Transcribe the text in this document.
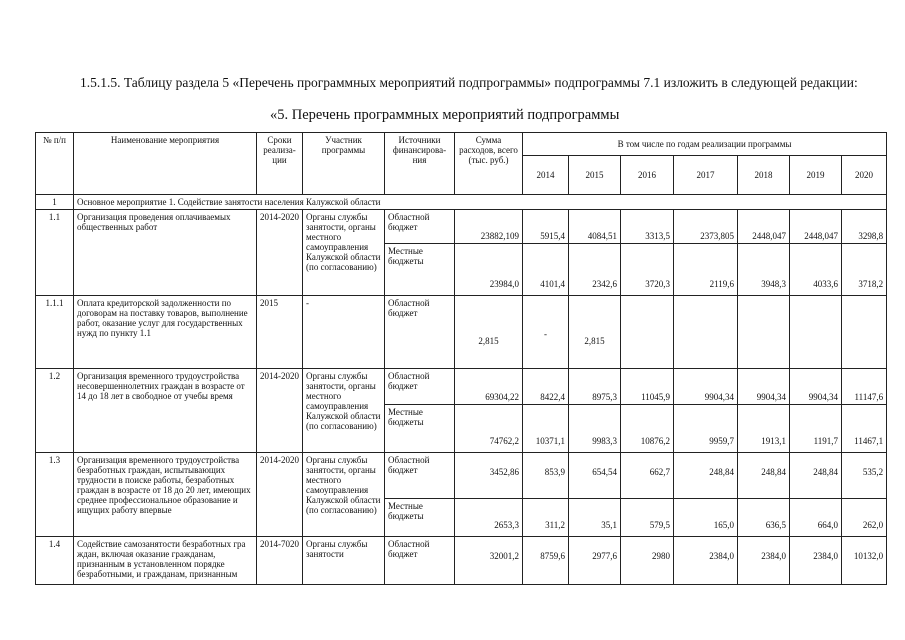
1.5.1.5. Таблицу раздела 5 «Перечень программных мероприятий подпрограммы» подпрограммы 7.1 изложить в следующей редакции:
«5. Перечень программных мероприятий подпрограммы
№ п/п	Наименование мероприятия	Сроки реализа-ции	Участник программы	Источники финансирова-ния	Сумма расходов, всего (тыс. руб.)	В том числе по годам реализации программы						
						2014	2015	2016	2017	2018	2019	2020
1	Основное мероприятие 1. Содействие занятости населения Калужской области											
1.1	Организация проведения оплачиваемых общественных работ	2014-2020	Органы службы занятости, органы местного самоуправления Калужской области (по согласованию)	Областной бюджет	23882,109	5915,4	4084,51	3313,5	2373,805	2448,047	2448,047	3298,8
				Местные бюджеты	23984,0	4101,4	2342,6	3720,3	2119,6	3948,3	4033,6	3718,2
1.1.1	Оплата кредиторской задолженности по договорам на поставку товаров, выполнение работ, оказание услуг для государственных нужд по пункту 1.1	2015	-	Областной бюджет	2,815	-	2,815					
1.2	Организация временного трудоустройства несовершеннолетних граждан в возрасте от 14 до 18 лет в свободное от учебы время	2014-2020	Органы службы занятости, органы местного самоуправления Калужской области (по согласованию)	Областной бюджет	69304,22	8422,4	8975,3	11045,9	9904,34	9904,34	9904,34	11147,6
				Местные бюджеты	74762,2	10371,1	9983,3	10876,2	9959,7	1913,1	1191,7	11467,1
1.3	Организация временного трудоустройства безработных граждан, испытывающих трудности в поиске работы, безработных граждан в возрасте от 18 до 20 лет, имеющих среднее профессиональное образование и ищущих работу впервые	2014-2020	Органы службы занятости, органы местного самоуправления Калужской области (по согласованию)	Областной бюджет	3452,86	853,9	654,54	662,7	248,84	248,84	248,84	535,2
				Местные бюджеты	2653,3	311,2	35,1	579,5	165,0	636,5	664,0	262,0
1.4	Содействие самозанятости безработных гра ждан, включая оказание гражданам, признанным в установленном порядке безработными, и гражданам, признанным	2014-7020	Органы службы занятости	Областной бюджет	32001,2	8759,6	2977,6	2980	2384,0	2384,0	2384,0	10132,0
